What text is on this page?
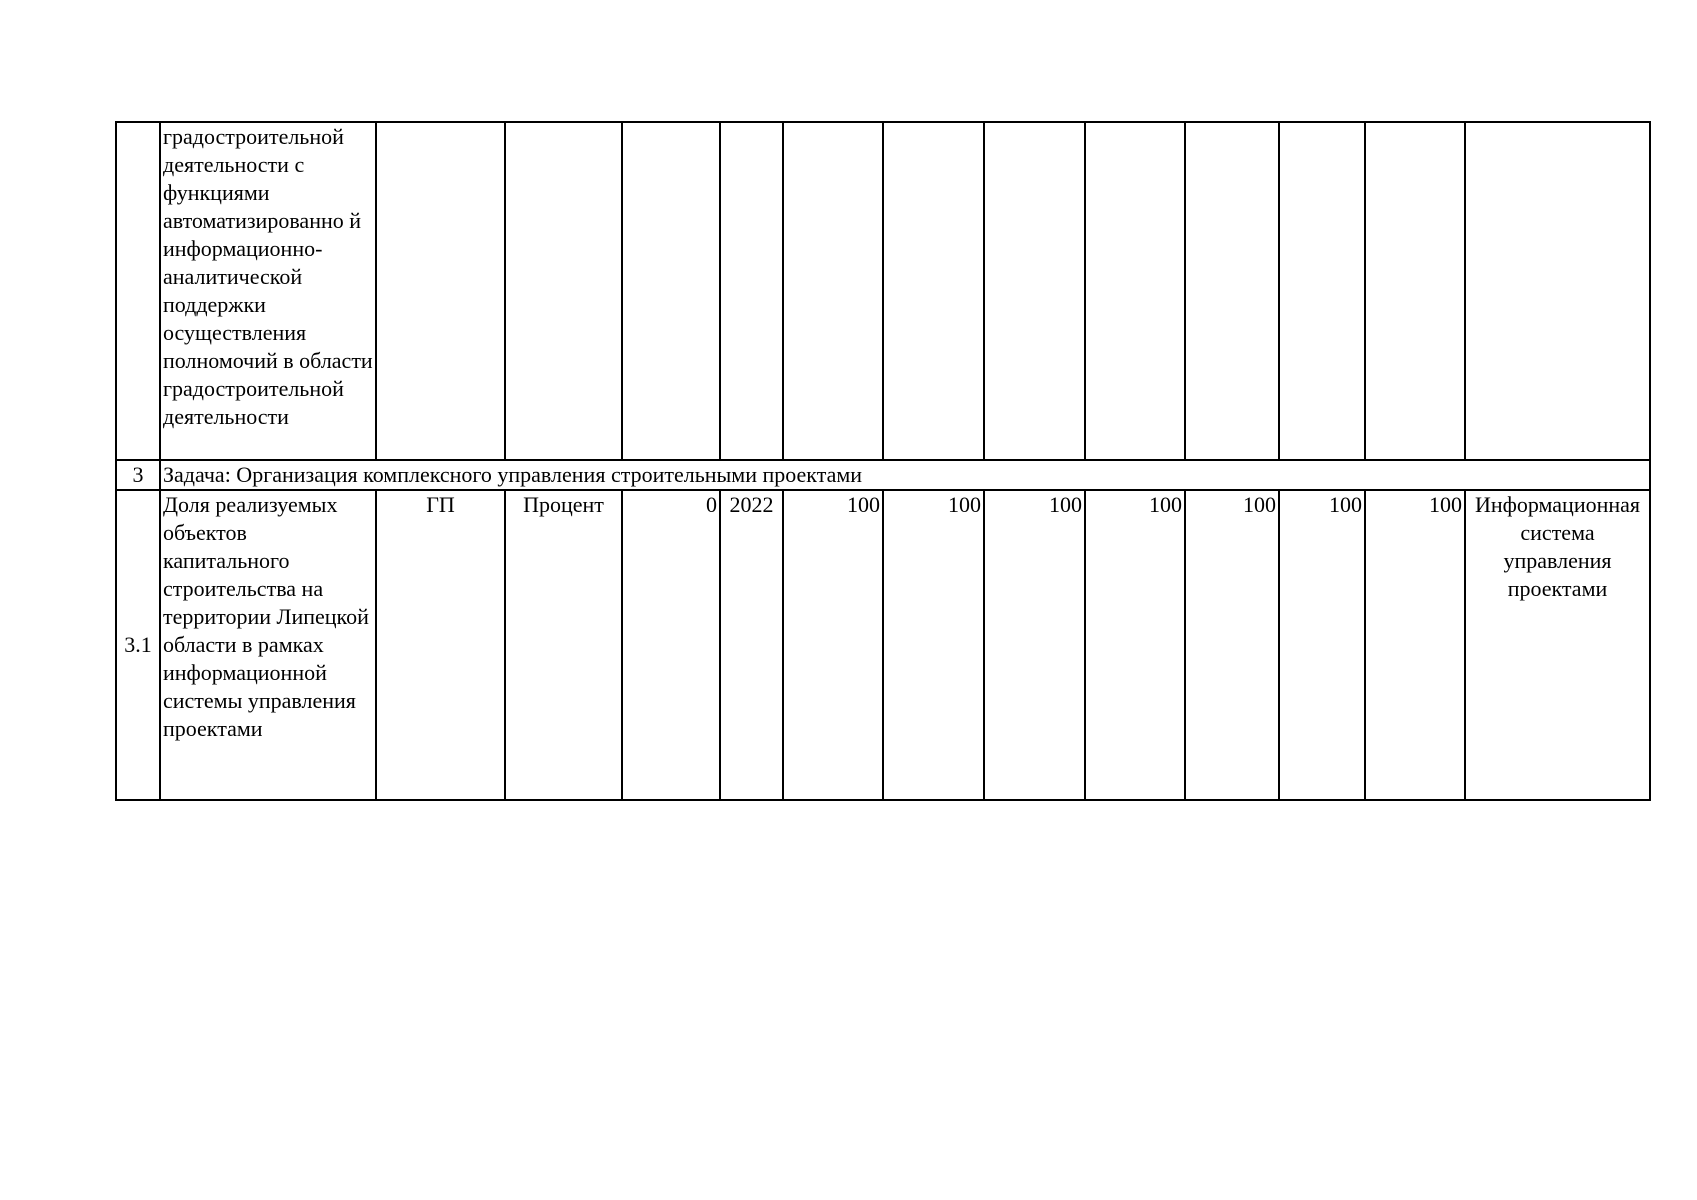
	градостроительной деятельности с функциями автоматизированно й информационно-аналитической поддержки осуществления полномочий в области градостроительной деятельности												
3	Задача: Организация комплексного управления строительными проектами												
3.1	Доля реализуемых объектов капитального строительства на территории Липецкой области в рамках информационной системы управления проектами	ГП	Процент	0	2022	100	100	100	100	100	100	100	Информационная система управления проектами
